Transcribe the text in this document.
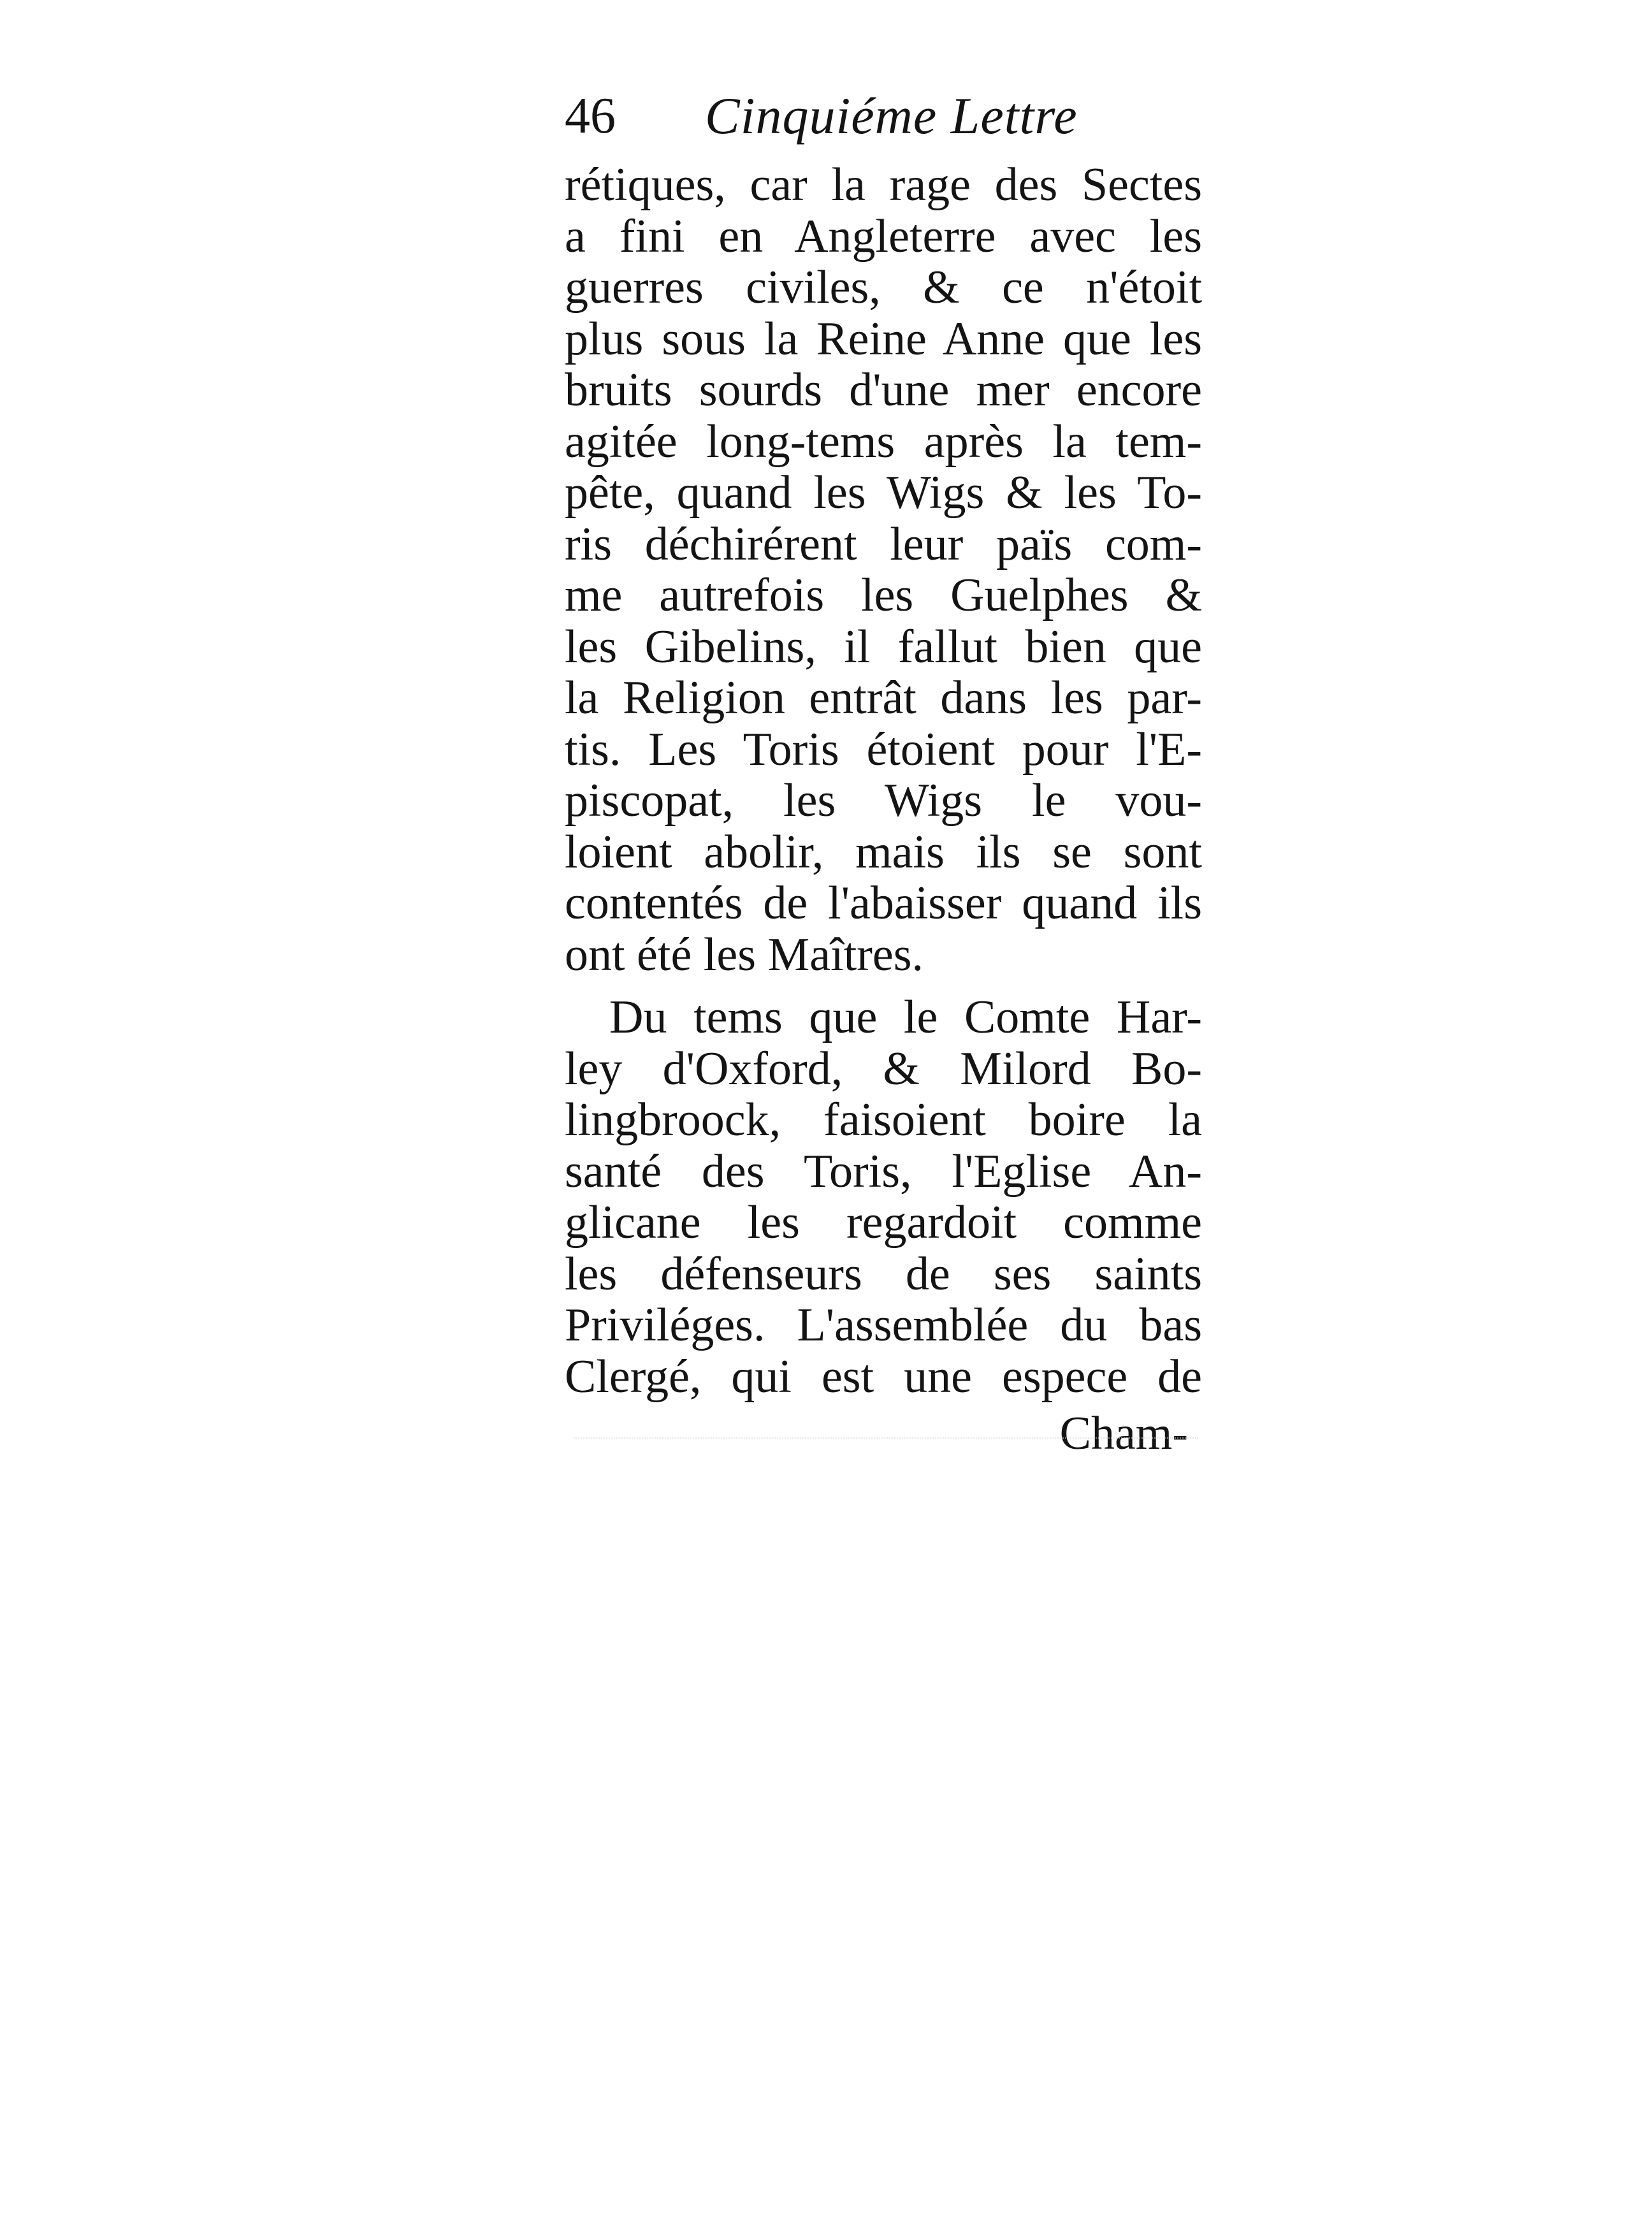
46 Cinquiéme Lettre
rétiques, car la rage des Sectes
a fini en Angleterre avec les
guerres civiles, & ce n'étoit
plus sous la Reine Anne que les
bruits sourds d'une mer encore
agitée long-tems après la tem-
pête, quand les Wigs & les To-
ris déchirérent leur païs com-
me autrefois les Guelphes &
les Gibelins, il fallut bien que
la Religion entrât dans les par-
tis. Les Toris étoient pour l'E-
piscopat, les Wigs le vou-
loient abolir, mais ils se sont
contentés de l'abaisser quand ils
ont été les Maîtres.
Du tems que le Comte Har-
ley d'Oxford, & Milord Bo-
lingbroock, faisoient boire la
santé des Toris, l'Eglise An-
glicane les regardoit comme
les défenseurs de ses saints
Priviléges. L'assemblée du bas
Clergé, qui est une espece de
Cham-
